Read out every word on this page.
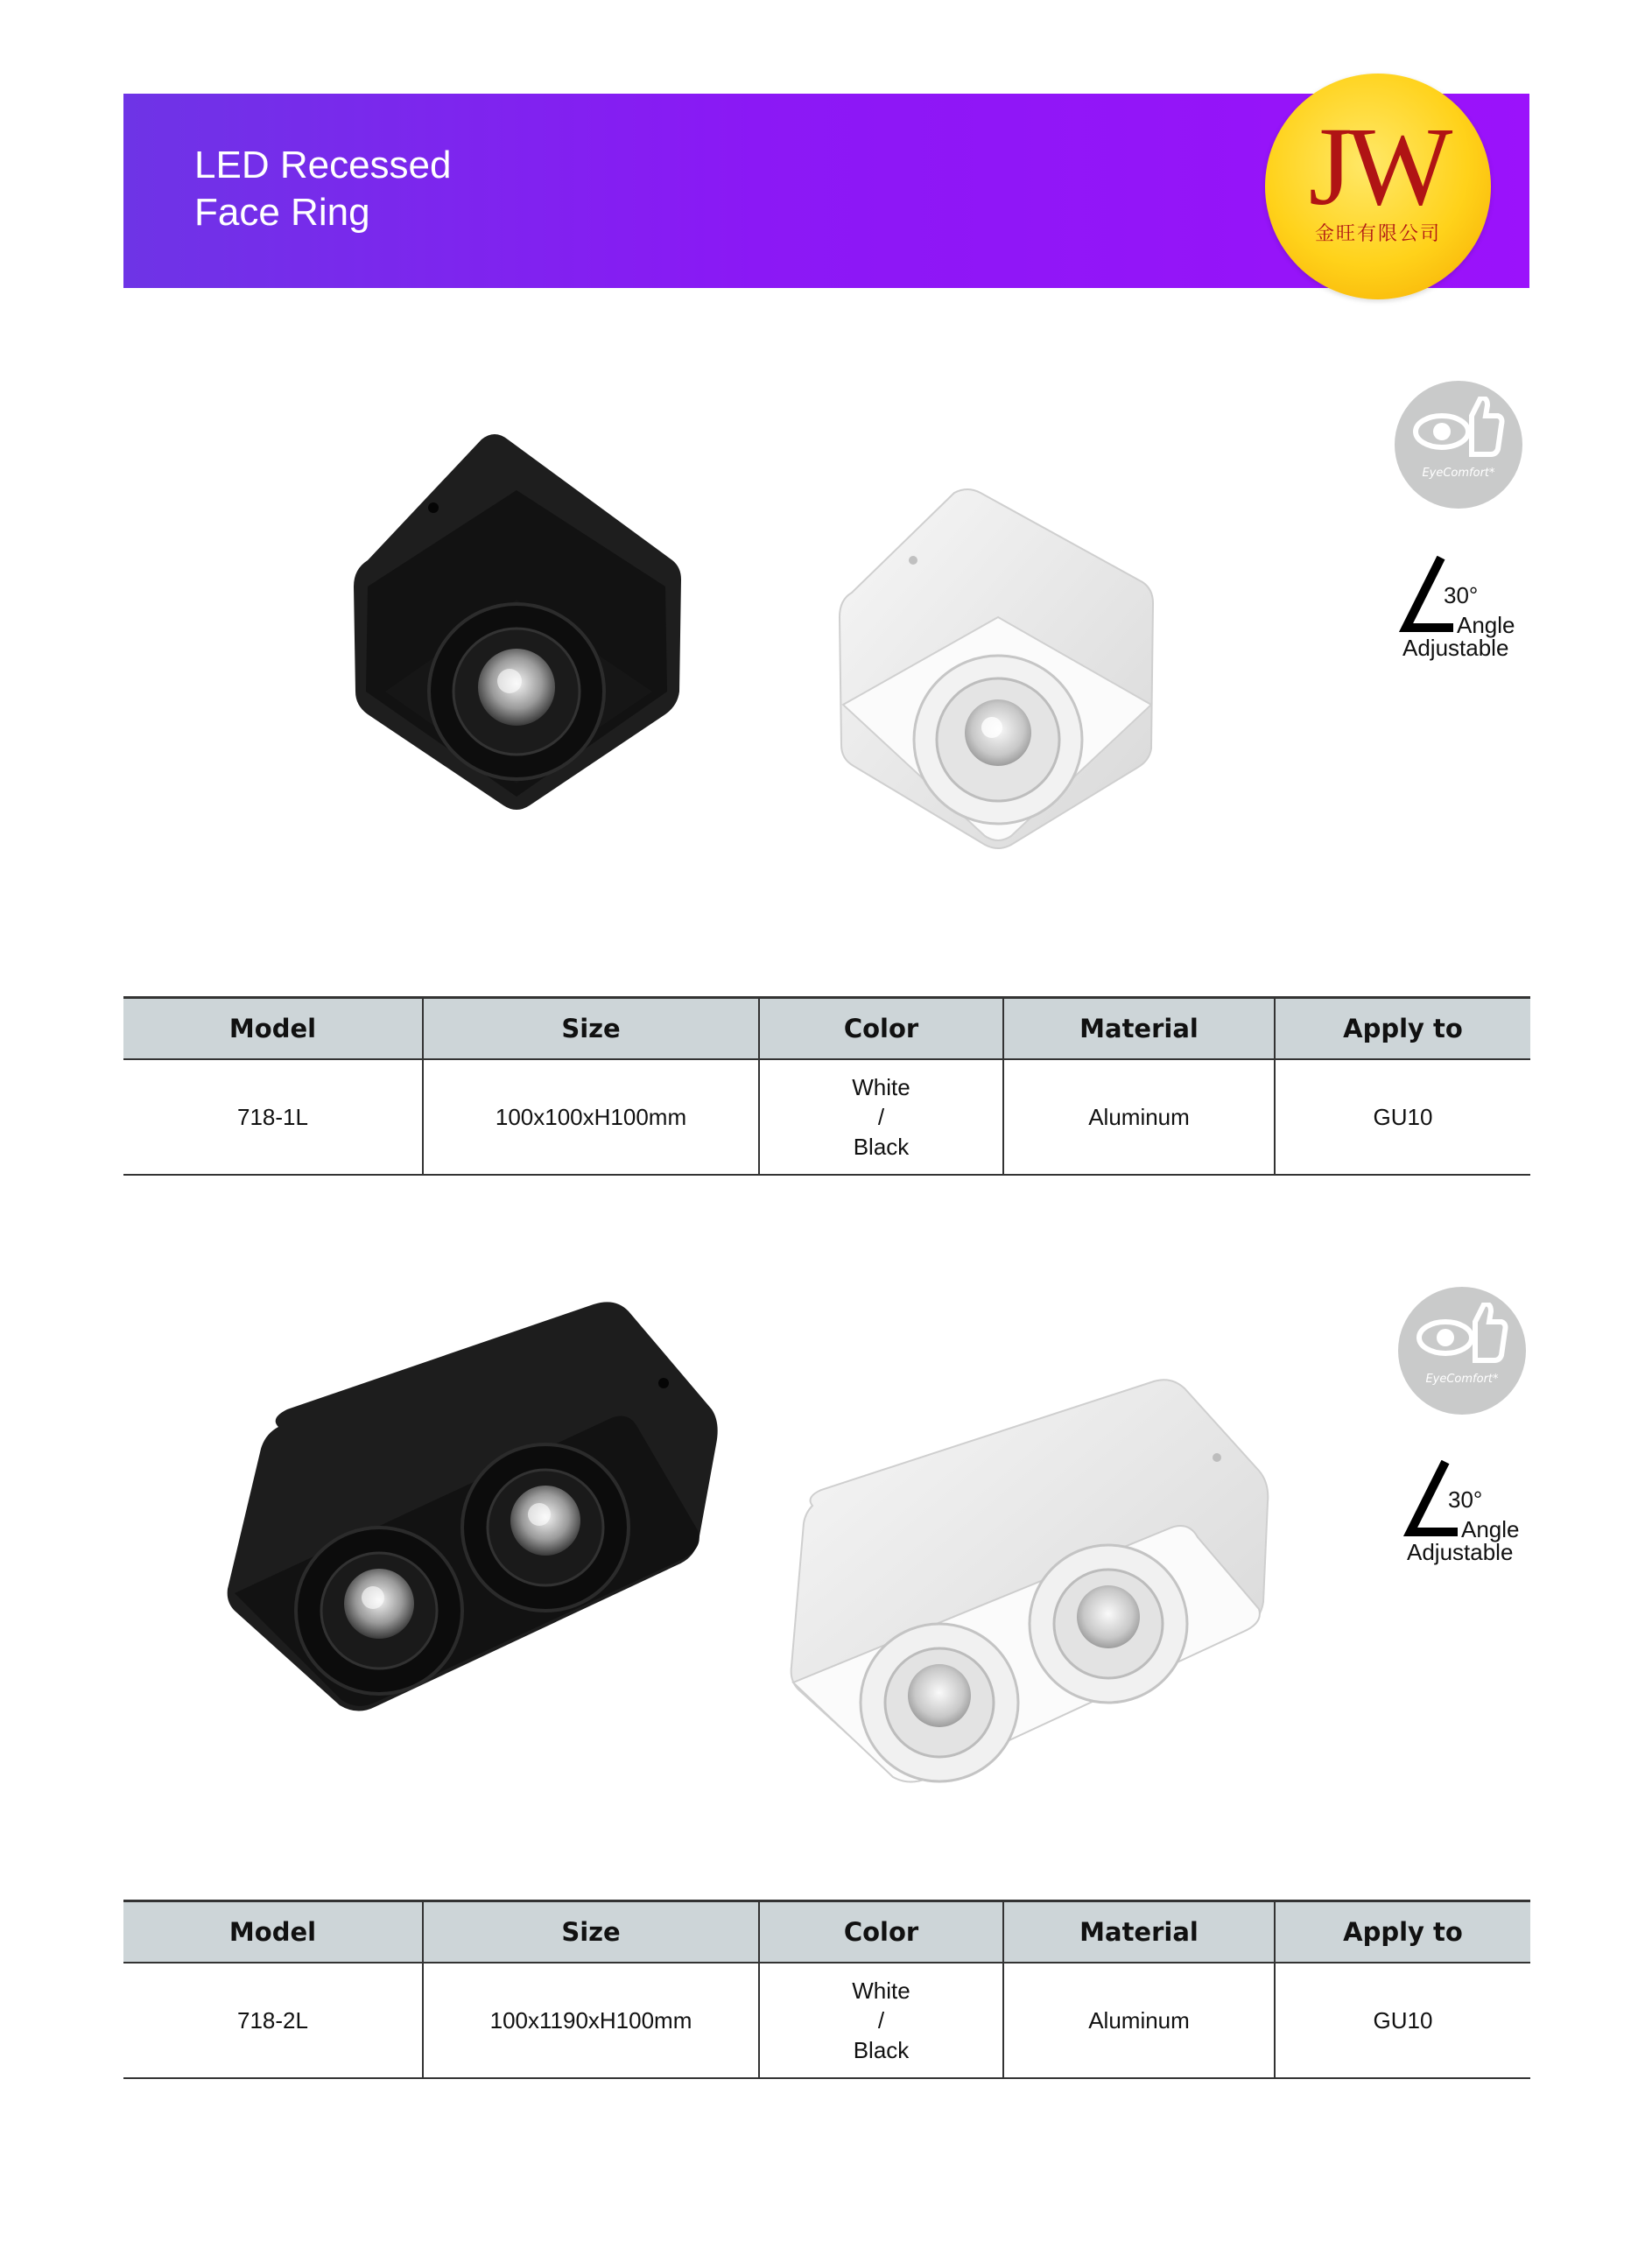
LED Recessed
Face Ring	JW
金旺有限公司
EyeComfort*
30°
Angle
Adjustable
Model	Size	Color	Material	Apply to
718-1L	100x100xH100mm	White
/
Black	Aluminum	GU10
EyeComfort*
30°
Angle
Adjustable
Model	Size	Color	Material	Apply to
718-2L	100x1190xH100mm	White
/
Black	Aluminum	GU10
